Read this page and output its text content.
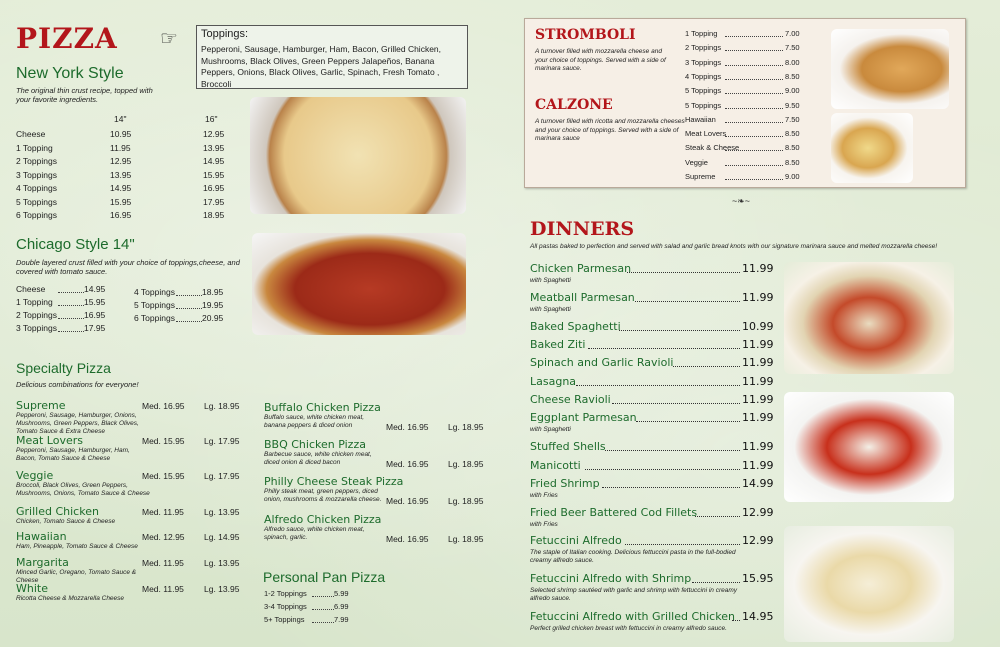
PIZZA ☞ Toppings:
Pepperoni, Sausage, Hamburger, Ham, Bacon, Grilled Chicken, Mushrooms, Black Olives, Green Peppers Jalapeños, Banana Peppers, Onions, Black Olives, Garlic, Spinach, Fresh Tomato , Broccoli
New York Style
The original thin crust recipe, topped with your favorite ingredients.
14"	16"
Cheese	10.95	12.95
1 Topping	11.95	13.95
2 Toppings	12.95	14.95
3 Toppings	13.95	15.95
4 Toppings	14.95	16.95
5 Toppings	15.95	17.95
6 Toppings	16.95	18.95
Chicago Style 14"
Double layered crust filled with your choice of toppings,cheese, and covered with tomato sauce.
Cheese	14.95
1 Topping	15.95
2 Toppings	16.95
3 Toppings	17.95
4 Toppings	18.95
5 Toppings	19.95
6 Toppings	20.95
Specialty Pizza
Delicious combinations for everyone!
Supreme
Pepperoni, Sausage, Hamburger, Onions, Mushrooms, Green Peppers, Black Olives, Tomato Sauce & Extra Cheese
Med. 16.95 Lg. 18.95
Meat Lovers
Pepperoni, Sausage, Hamburger, Ham, Bacon, Tomato Sauce & Cheese
Med. 15.95 Lg. 17.95
Veggie
Broccoli, Black Olives, Green Peppers, Mushrooms, Onions, Tomato Sauce & Cheese
Med. 15.95 Lg. 17.95
Grilled Chicken
Chicken, Tomato Sauce & Cheese
Med. 11.95 Lg. 13.95
Hawaiian
Ham, Pineapple, Tomato Sauce & Cheese
Med. 12.95 Lg. 14.95
Margarita
Minced Garlic, Oregano, Tomato Sauce & Cheese
Med. 11.95 Lg. 13.95
White
Ricotta Cheese & Mozzarella Cheese
Med. 11.95 Lg. 13.95
Buffalo Chicken Pizza
Buffalo sauce, white chicken meat, banana peppers & diced onion	Med. 16.95 Lg. 18.95
BBQ Chicken Pizza
Barbecue sauce, white chicken meat, diced onion & diced bacon	Med. 16.95 Lg. 18.95
Philly Cheese Steak Pizza
Philly steak meat, green peppers, diced onion, mushrooms & mozzarella cheese. Med. 16.95 Lg. 18.95
Alfredo Chicken Pizza
Alfredo sauce, white chicken meat, spinach, garlic.	Med. 16.95 Lg. 18.95
Personal Pan Pizza
1-2 Toppings	5.99
3-4 Toppings	6.99
5+ Toppings	7.99
STROMBOLI
A turnover filled with mozzarella cheese and your choice of toppings. Served with a side of marinara sauce.
CALZONE
A turnover filled with ricotta and mozzarella cheeses and your choice of toppings. Served with a side of marinara sauce
1 Topping	7.00
2 Toppings	7.50
3 Toppings	8.00
4 Toppings	8.50
5 Toppings	9.00
5 Toppings	9.50
Hawaiian	7.50
Meat Lovers	8.50
Steak & Cheese	8.50
Veggie	8.50
Supreme	9.00
~❧~
DINNERS
All pastas baked to perfection and served with salad and garlic bread knots with our signature marinara sauce and melted mozzarella cheese!
Chicken Parmesan	11.99
with Spaghetti
Meatball Parmesan	11.99
with Spaghetti
Baked Spaghetti	10.99
Baked Ziti	11.99
Spinach and Garlic Ravioli	11.99
Lasagna	11.99
Cheese Ravioli	11.99
Eggplant Parmesan	11.99
with Spaghetti
Stuffed Shells	11.99
Manicotti	11.99
Fried Shrimp	14.99
with Fries
Fried Beer Battered Cod Fillets	12.99
with Fries
Fetuccini Alfredo	12.99
The staple of Italian cooking. Delicious fettuccini pasta in the full-bodied creamy alfredo sauce.
Fetuccini Alfredo with Shrimp	15.95
Selected shrimp sautéed with garlic and shrimp with fettuccini in creamy alfredo sauce.
Fetuccini Alfredo with Grilled Chicken 14.95
Perfect grilled chicken breast with fettuccini in creamy alfredo sauce.
